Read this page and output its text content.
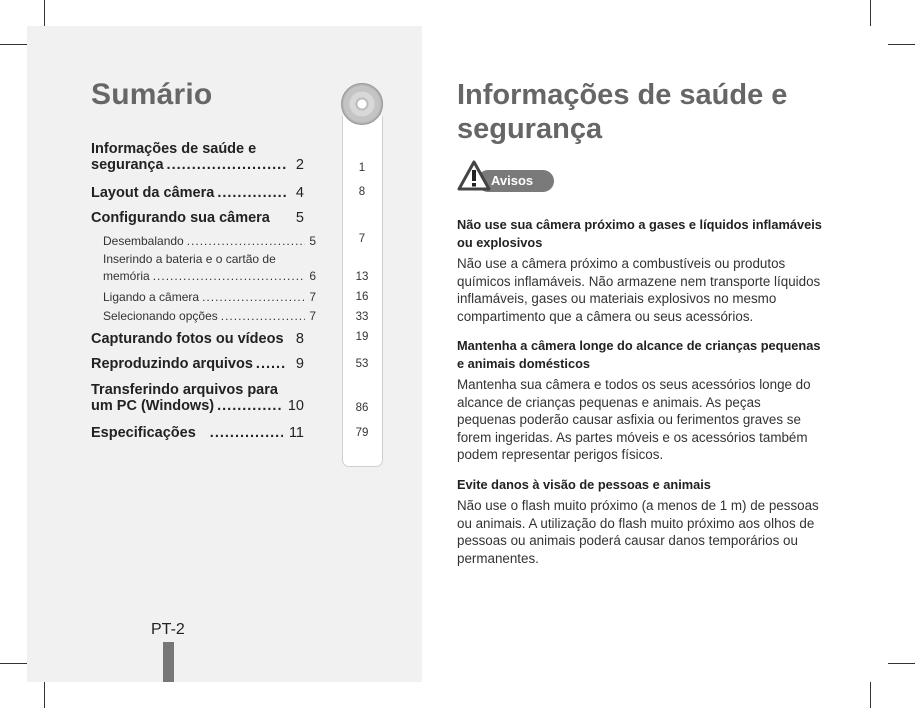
Sumário
1
8
7
13
16
33
19
53
86
79
Informações de saúde e
segurança .....	2
Layout da câmera .....	4
Configurando sua câmera	5
Desembalando .....	5
Inserindo a bateria e o cartão de
memória .....	6
Ligando a câmera .....	7
Selecionando opções .....	7
Capturando fotos ou vídeos 8
Reproduzindo arquivos .....	9
Transferindo arquivos para
um PC (Windows) .....	10
Especificações .....	11
PT-2
Informações de saúde e segurança
Avisos
Não use sua câmera próximo a gases e líquidos inflamáveis ou explosivos

Não use a câmera próximo a combustíveis ou produtos químicos inflamáveis. Não armazene nem transporte líquidos inflamáveis, gases ou materiais explosivos no mesmo compartimento que a câmera ou seus acessórios.

Mantenha a câmera longe do alcance de crianças pequenas e animais domésticos

Mantenha sua câmera e todos os seus acessórios longe do alcance de crianças pequenas e animais. As peças pequenas poderão causar asfixia ou ferimentos graves se forem ingeridas. As partes móveis e os acessórios também podem representar perigos físicos.

Evite danos à visão de pessoas e animais

Não use o flash muito próximo (a menos de 1 m) de pessoas ou animais. A utilização do flash muito próximo aos olhos de pessoas ou animais poderá causar danos temporários ou permanentes.
